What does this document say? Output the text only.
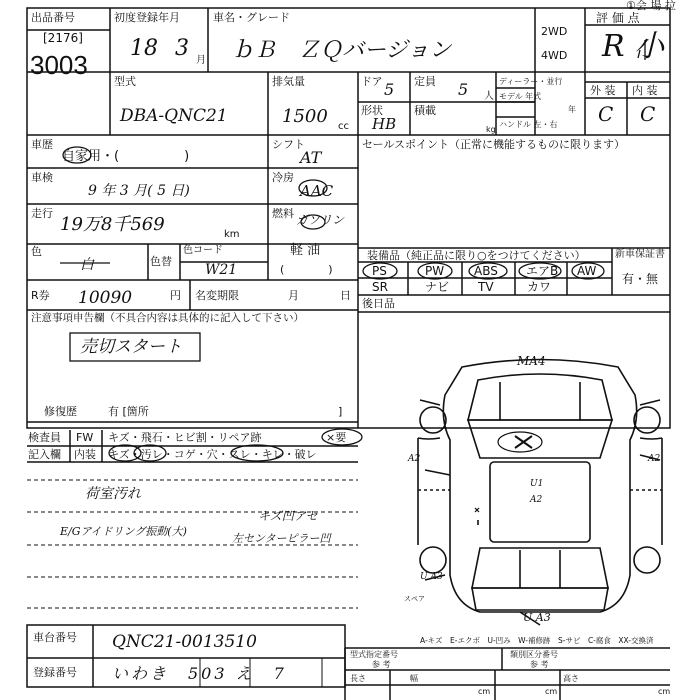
①会 場 拉
出品番号
[2176]
3003
初度登録年月
18 3 月
車名・グレード
ｂＢ　ＺＱバージョン
2WD
4WD
評 価 点
R 小
型式
DBA-QNC21
排気量
1500 cc
ドア 5 定員 5 人
形状
HB
積載
kg
ディーラー・並行
モデル 年式
年
ハンドル 左・右
外 装 内 装
C C
車歴
自家用・(　　　　　)
シフト
AT
セールスポイント（正常に機能するものに限ります）
車検
9 年 3 月( 5 日)
冷房
AAC
走行
19万8千569	km
燃料 ガソリン
軽 油
(　　　　)
色
白	色替
色コード
W21
装備品（純正品に限り○をつけてください）	新車保証書
有・無
PS	PW ABS エアB AW
SR	ナビ TV	カワ
後日品
R券 10090	円 名変期限	月	日
注意事項申告欄（不具合内容は具体的に記入して下さい）
売切スタート
修復歴	有 [箇所	]
検査員
記入欄
FW キズ・飛石・ヒビ割・リペア跡	×要
内装 キズ・汚レ・コゲ・穴・スレ・キレ・破レ
荷室汚れ
E/Gアイドリング振動(大)
キズ凹アセ
左センターピラー凹
MA4
U A3
A2	A2
U1
A2
U A3
スペア
A-キズ　E-エクボ　U-凹み　W-補修跡　S-サビ　C-腐食　XX-交換済
車台番号 QNC21-0013510
登録番号 いわき　503 え　7
型式指定番号	類別区分番号
参 考	参 考
長さ	幅	高さ
cm	cm	cm
